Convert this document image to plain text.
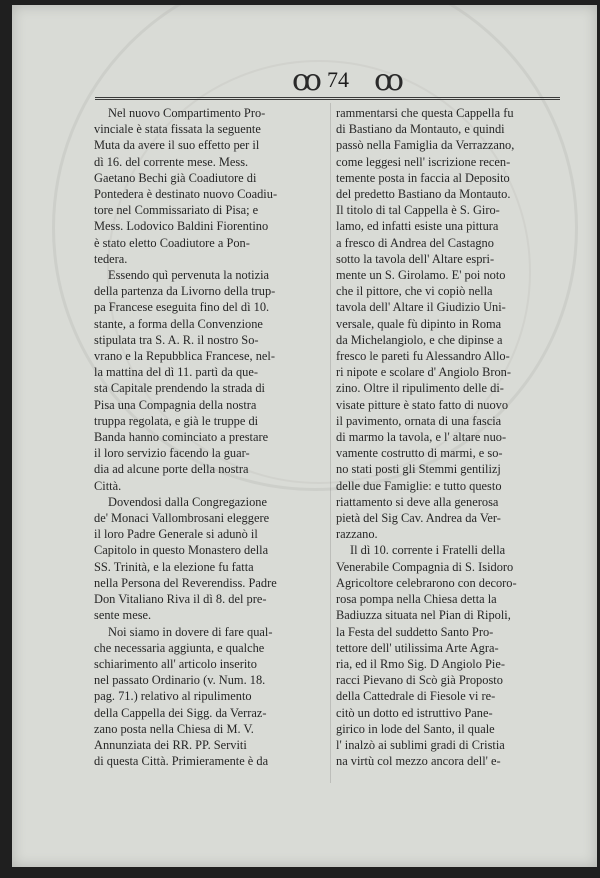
ꝏ 74 ꝏ
Nel nuovo Compartimento Pro-
vinciale è stata fissata la seguente
Muta da avere il suo effetto per il
dì 16. del corrente mese. Mess.
Gaetano Bechi già Coadiutore di
Pontedera è destinato nuovo Coadiu-
tore nel Commissariato di Pisa; e
Mess. Lodovico Baldini Fiorentino
è stato eletto Coadiutore a Pon-
tedera.
Essendo quì pervenuta la notizia
della partenza da Livorno della trup-
pa Francese eseguita fino del dì 10.
stante, a forma della Convenzione
stipulata tra S. A. R. il nostro So-
vrano e la Repubblica Francese, nel-
la mattina del dì 11. partì da que-
sta Capitale prendendo la strada di
Pisa una Compagnia della nostra
truppa regolata, e già le truppe di
Banda hanno cominciato a prestare
il loro servizio facendo la guar-
dia ad alcune porte della nostra
Città.
Dovendosi dalla Congregazione
de' Monaci Vallombrosani eleggere
il loro Padre Generale si adunò il
Capitolo in questo Monastero della
SS. Trinità, e la elezione fu fatta
nella Persona del Reverendiss. Padre
Don Vitaliano Riva il dì 8. del pre-
sente mese.
Noi siamo in dovere di fare qual-
che necessaria aggiunta, e qualche
schiarimento all' articolo inserito
nel passato Ordinario (v. Num. 18.
pag. 71.) relativo al ripulimento
della Cappella dei Sigg. da Verraz-
zano posta nella Chiesa di M. V.
Annunziata dei RR. PP. Serviti
di questa Città. Primieramente è da
rammentarsi che questa Cappella fu
di Bastiano da Montauto, e quindi
passò nella Famiglia da Verrazzano,
come leggesi nell' iscrizione recen-
temente posta in faccia al Deposito
del predetto Bastiano da Montauto.
Il titolo di tal Cappella è S. Giro-
lamo, ed infatti esiste una pittura
a fresco di Andrea del Castagno
sotto la tavola dell' Altare espri-
mente un S. Girolamo. E' poi noto
che il pittore, che vi copiò nella
tavola dell' Altare il Giudizio Uni-
versale, quale fù dipinto in Roma
da Michelangiolo, e che dipinse a
fresco le pareti fu Alessandro Allo-
ri nipote e scolare d' Angiolo Bron-
zino. Oltre il ripulimento delle di-
visate pitture è stato fatto di nuovo
il pavimento, ornata di una fascia
di marmo la tavola, e l' altare nuo-
vamente costrutto di marmi, e so-
no stati posti gli Stemmi gentilizj
delle due Famiglie: e tutto questo
riattamento si deve alla generosa
pietà del Sig Cav. Andrea da Ver-
razzano.
Il dì 10. corrente i Fratelli della
Venerabile Compagnia di S. Isidoro
Agricoltore celebrarono con decoro-
rosa pompa nella Chiesa detta la
Badiuzza situata nel Pian di Ripoli,
la Festa del suddetto Santo Pro-
tettore dell' utilissima Arte Agra-
ria, ed il Rmo Sig. D Angiolo Pie-
racci Pievano di Scò già Proposto
della Cattedrale di Fiesole vi re-
citò un dotto ed istruttivo Pane-
girico in lode del Santo, il quale
l' inalzò ai sublimi gradi di Cristia
na virtù col mezzo ancora dell' e-
